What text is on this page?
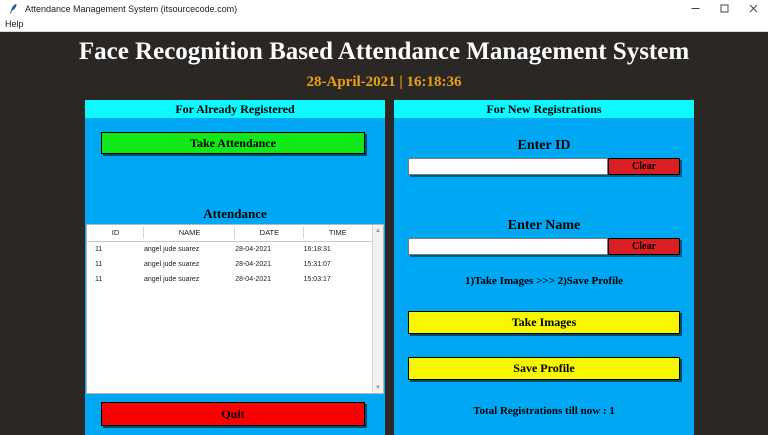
Attendance Management System (itsourcecode.com)
Help
Face Recognition Based Attendance Management System
28-April-2021 | 16:18:36
For Already Registered
Take Attendance
Attendance
ID	NAME	DATE	TIME
11	angel jude suarez	28-04-2021	16:18:31
11	angel jude suarez	28-04-2021	15:31:07
11	angel jude suarez	28-04-2021	15:03:17
▲
▼
Quit
For New Registrations
Enter ID
Clear
Enter Name
Clear
1)Take Images >>> 2)Save Profile
Take Images
Save Profile
Total Registrations till now : 1
